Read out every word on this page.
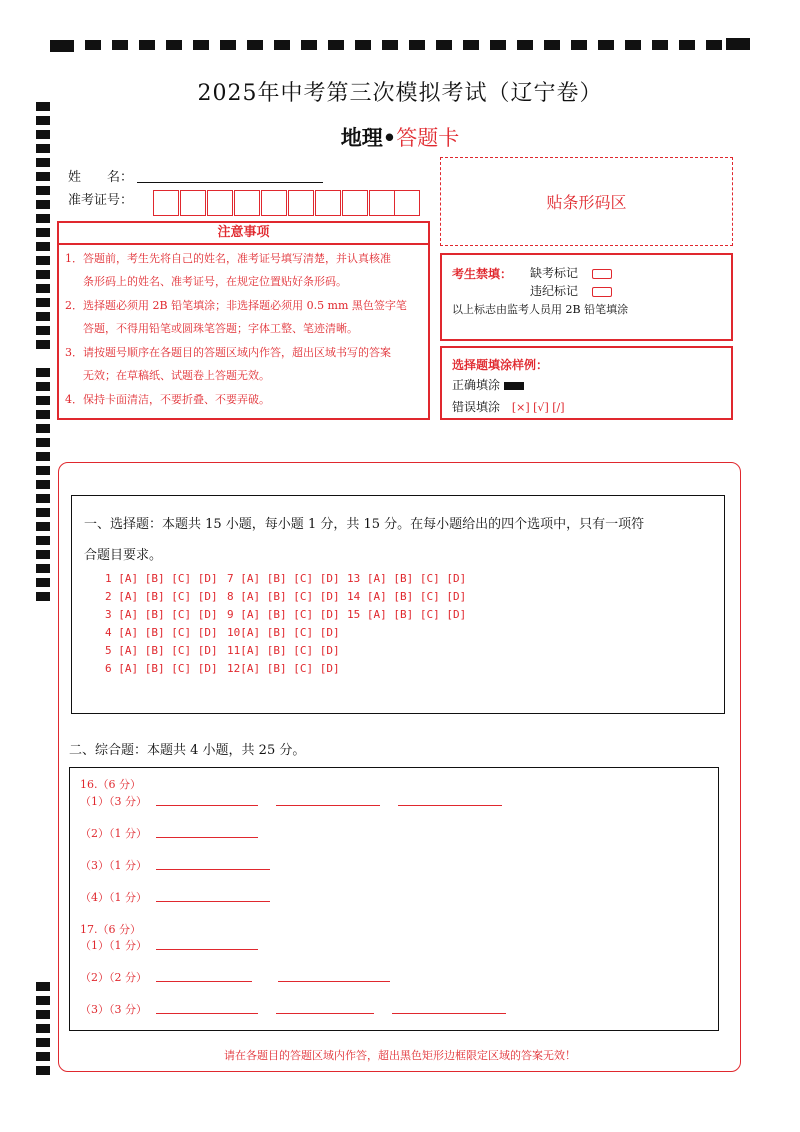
2025年中考第三次模拟考试（辽宁卷）
地理•答题卡
姓　　名：
准考证号：	贴条形码区
注意事项
1．答题前，考生先将自己的姓名，准考证号填写清楚，并认真核准
条形码上的姓名、准考证号，在规定位置贴好条形码。
2．选择题必须用 2B 铅笔填涂；非选择题必须用 0.5 mm 黑色签字笔
答题，不得用铅笔或圆珠笔答题；字体工整、笔迹清晰。
3．请按题号顺序在各题目的答题区域内作答，超出区域书写的答案
无效；在草稿纸、试题卷上答题无效。
4．保持卡面清洁，不要折叠、不要弄破。
考生禁填： 缺考标记
违纪标记
以上标志由监考人员用 2B 铅笔填涂
选择题填涂样例：
正确填涂
错误填涂 [×] [√] [/]
一、选择题：本题共 15 小题，每小题 1 分，共 15 分。在每小题给出的四个选项中，只有一项符
合题目要求。
1 [A] [B] [C] [D]
2 [A] [B] [C] [D]
3 [A] [B] [C] [D]
4 [A] [B] [C] [D]
5 [A] [B] [C] [D]
6 [A] [B] [C] [D]
7 [A] [B] [C] [D]
8 [A] [B] [C] [D]
9 [A] [B] [C] [D]
10[A] [B] [C] [D]
11[A] [B] [C] [D]
12[A] [B] [C] [D]
13 [A] [B] [C] [D]
14 [A] [B] [C] [D]
15 [A] [B] [C] [D]
二、综合题：本题共 4 小题，共 25 分。
16.（6 分）
（1）（3 分）
（2）（1 分）
（3）（1 分）
（4）（1 分）
17.（6 分）
（1）（1 分）
（2）（2 分）
（3）（3 分）
请在各题目的答题区域内作答，超出黑色矩形边框限定区域的答案无效！
